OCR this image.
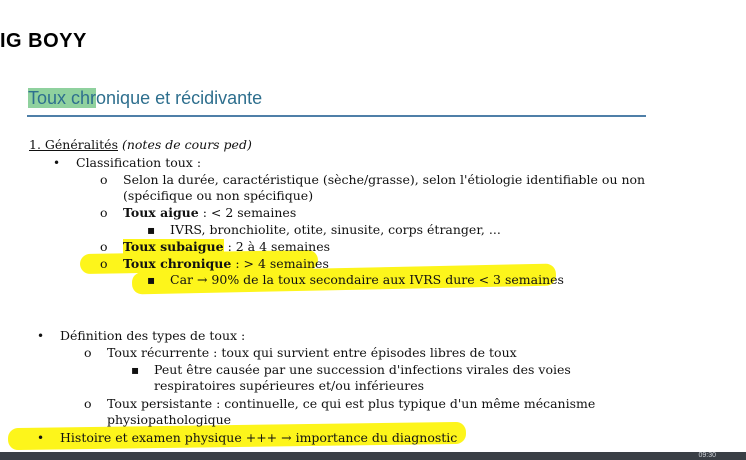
IG BOYY
Toux chronique et récidivante
1. Généralités (notes de cours ped)
• Classification toux :
o Selon la durée, caractéristique (sèche/grasse), selon l'étiologie identifiable ou non
(spécifique ou non spécifique)
o Toux aigue : < 2 semaines
▪ IVRS, bronchiolite, otite, sinusite, corps étranger, ...
o Toux subaigue : 2 à 4 semaines
o Toux chronique : > 4 semaines
▪ Car → 90% de la toux secondaire aux IVRS dure < 3 semaines
• Définition des types de toux :
o Toux récurrente : toux qui survient entre épisodes libres de toux
▪ Peut être causée par une succession d'infections virales des voies
respiratoires supérieures et/ou inférieures
o Toux persistante : continuelle, ce qui est plus typique d'un même mécanisme
physiopathologique
• Histoire et examen physique +++ → importance du diagnostic
09:30
